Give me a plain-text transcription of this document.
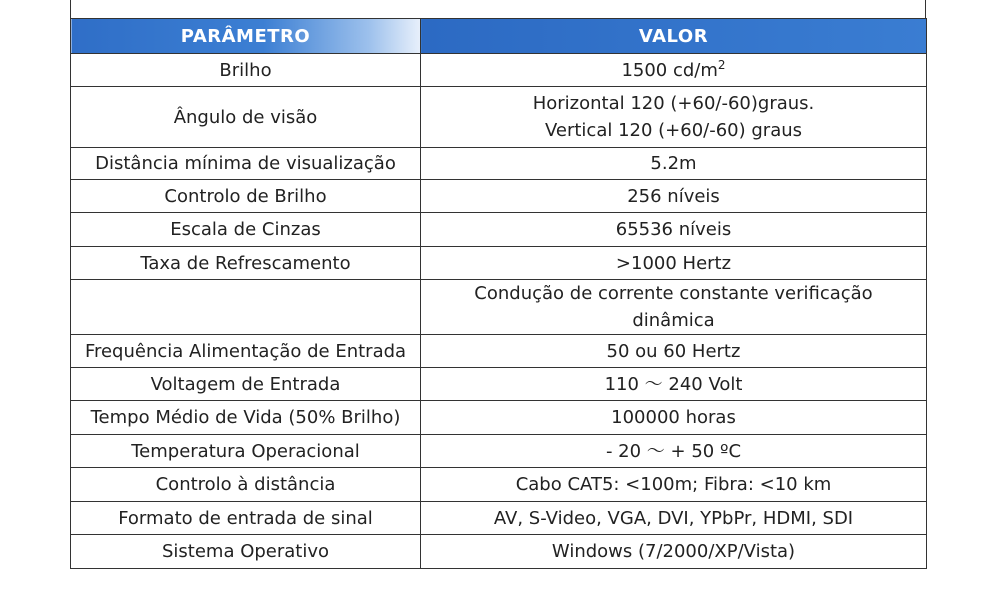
PARÂMETRO	VALOR
Brilho	1500 $cd/m^2$
Ângulo de visão	Horizontal 120 (+60/-60)graus.
Vertical 120 (+60/-60) graus

Distância mínima de visualização	5.2m
Controlo de Brilho	256 níveis
Escala de Cinzas	65536 níveis
Taxa de Refrescamento	>1000 Hertz

	Condução de corrente constante verificação
dinâmica

Frequência Alimentação de Entrada	50 ou 60 Hertz
Voltagem de Entrada	110 ～ 240 Volt
Tempo Médio de Vida (50% Brilho)	100000 horas
Temperatura Operacional	- 20 ～ + 50 ºC
Controlo à distância	Cabo CAT5: <100m; Fibra: <10 km
Formato de entrada de sinal	AV, S-Video, VGA, DVI, YPbPr, HDMI, SDI
Sistema Operativo	Windows (7/2000/XP/Vista)
